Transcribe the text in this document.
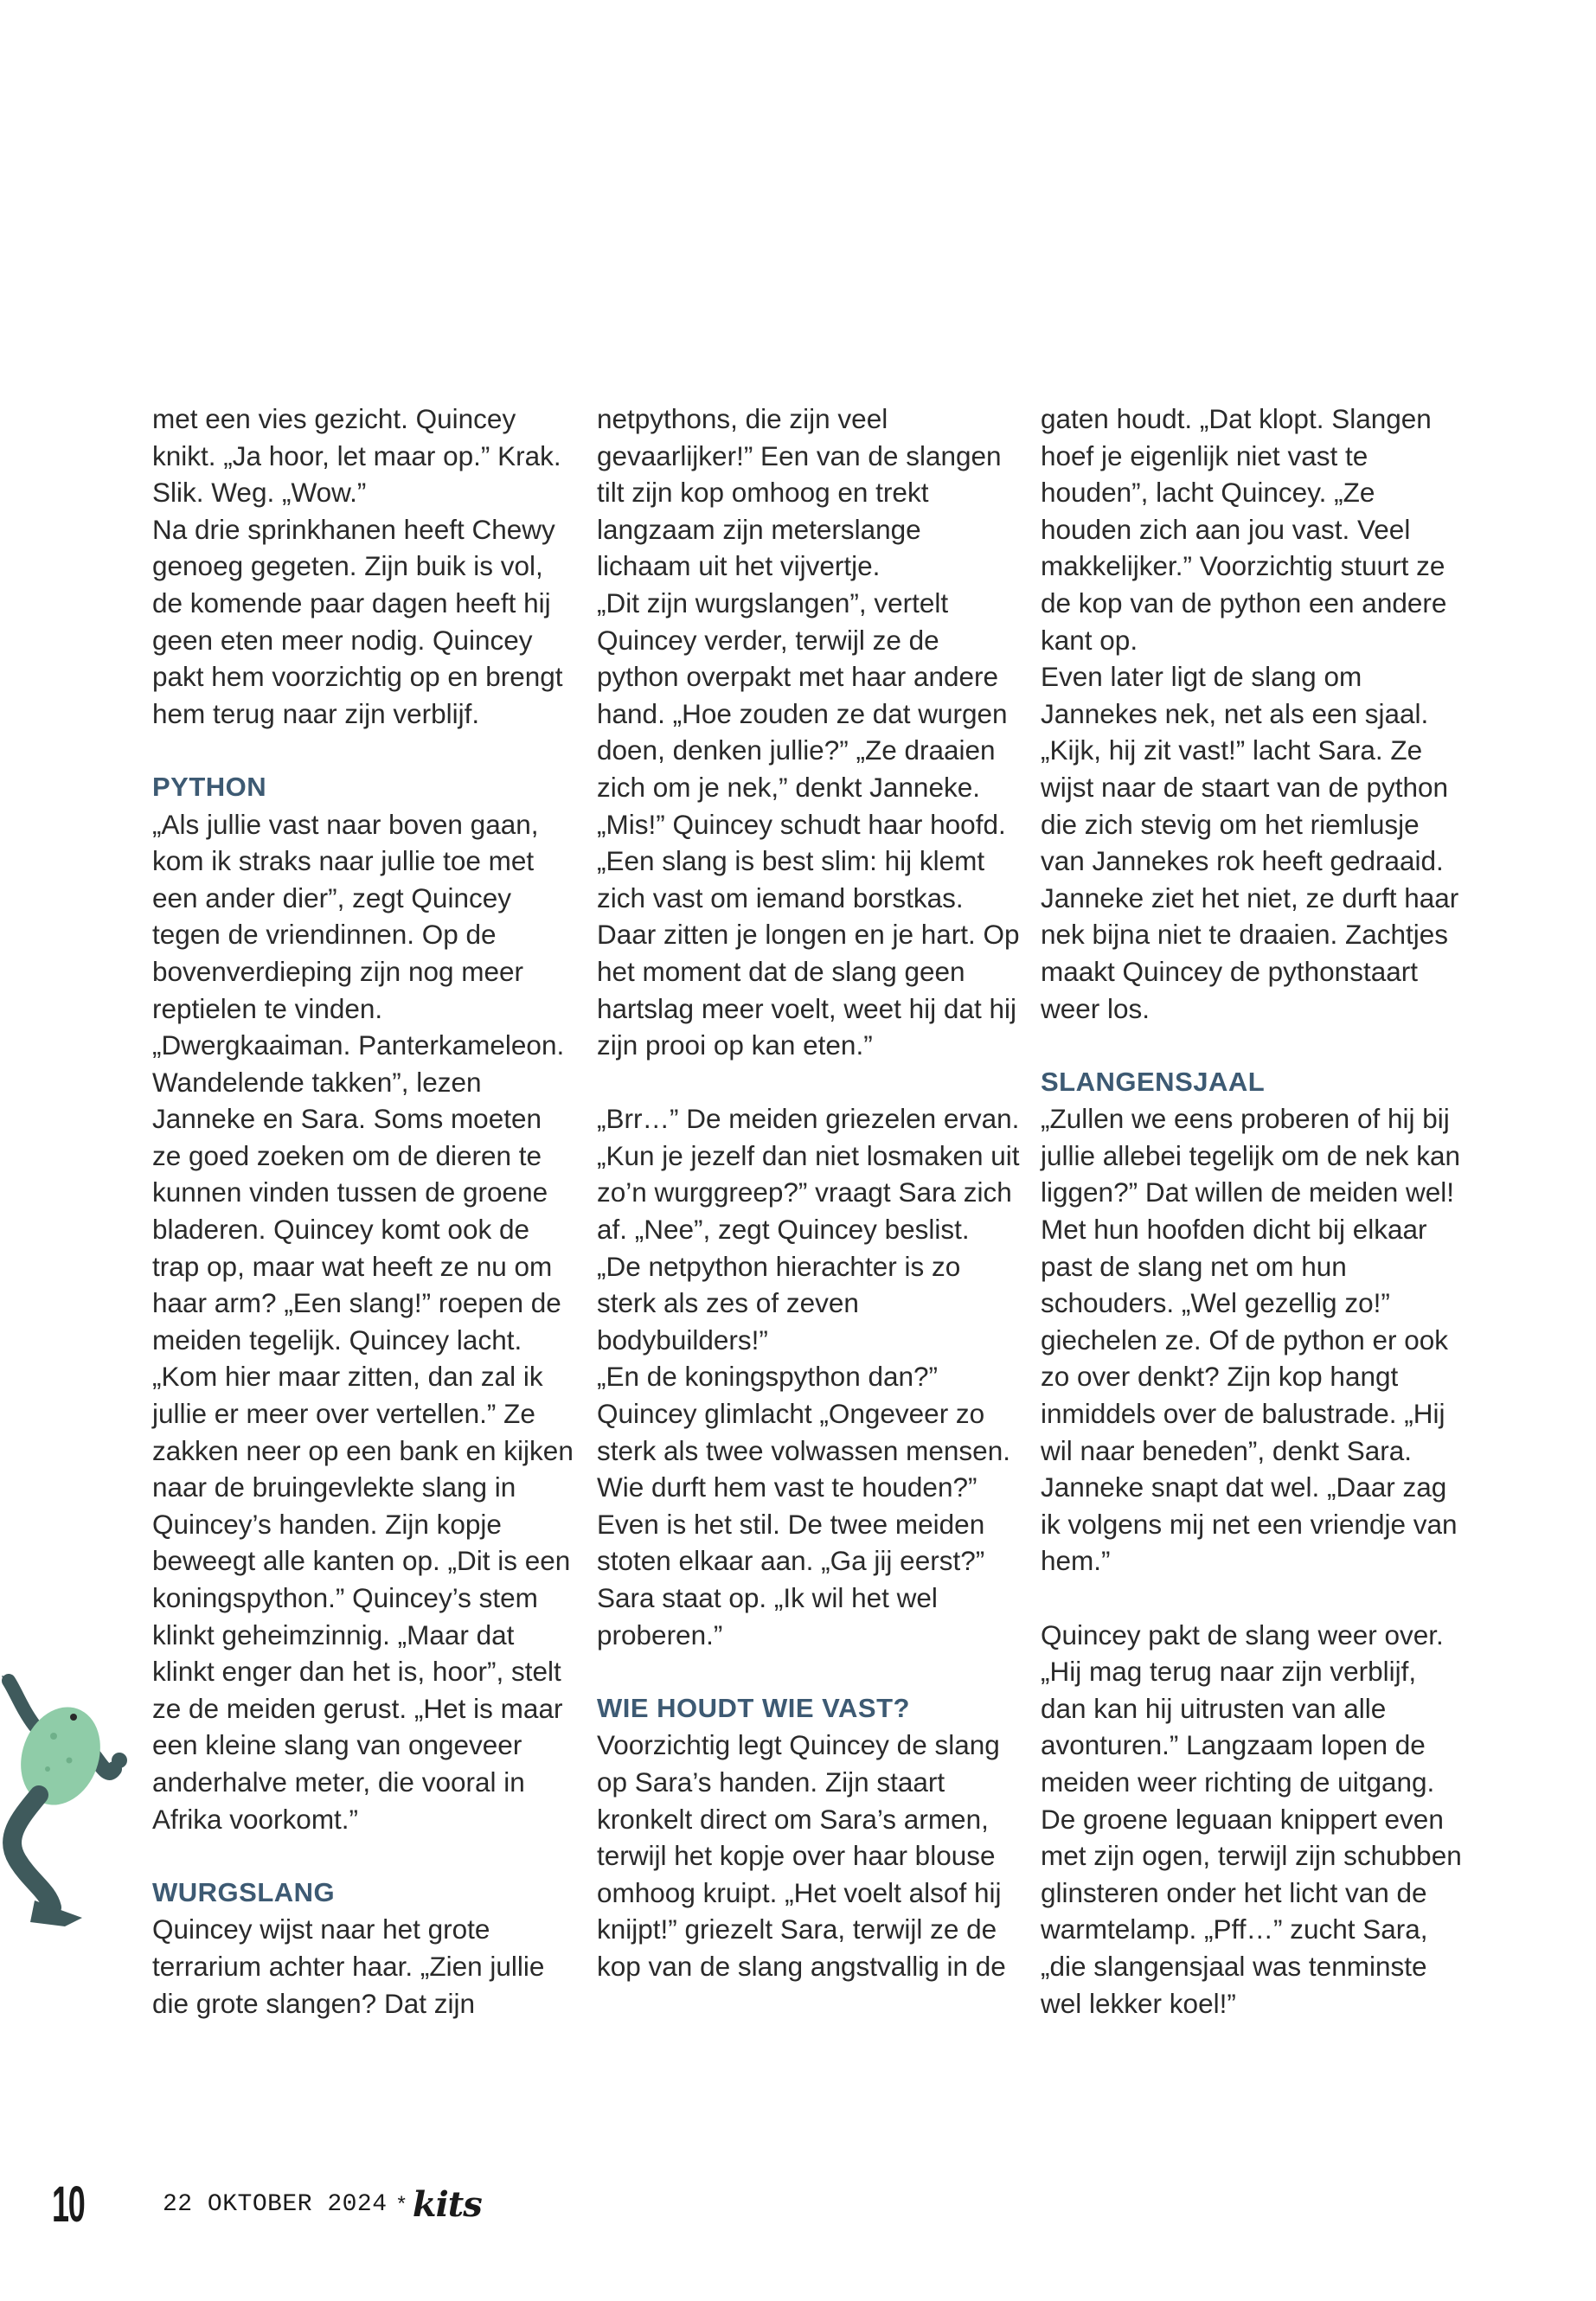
met een vies gezicht. Quincey knikt. „Ja hoor, let maar op.” Krak. Slik. Weg. „Wow.”

Na drie sprinkhanen heeft Chewy genoeg gegeten. Zijn buik is vol, de komende paar dagen heeft hij geen eten meer nodig. Quincey pakt hem voorzichtig op en brengt hem terug naar zijn verblijf.

PYTHON

„Als jullie vast naar boven gaan, kom ik straks naar jullie toe met een ander dier”, zegt Quincey tegen de vriendinnen. Op de bovenverdieping zijn nog meer reptielen te vinden. „Dwergkaaiman. Panterkameleon. Wandelende takken”, lezen Janneke en Sara. Soms moeten ze goed zoeken om de dieren te kunnen vinden tussen de groene bladeren. Quincey komt ook de trap op, maar wat heeft ze nu om haar arm? „Een slang!” roepen de meiden tegelijk. Quincey lacht. „Kom hier maar zitten, dan zal ik jullie er meer over vertellen.” Ze zakken neer op een bank en kijken naar de bruingevlekte slang in Quincey’s handen. Zijn kopje beweegt alle kanten op. „Dit is een koningspython.” Quincey’s stem klinkt geheimzinnig. „Maar dat klinkt enger dan het is, hoor”, stelt ze de meiden gerust. „Het is maar een kleine slang van ongeveer anderhalve meter, die vooral in Afrika voorkomt.”

WURGSLANG

Quincey wijst naar het grote terrarium achter haar. „Zien jullie die grote slangen? Dat zijn

netpythons, die zijn veel gevaarlijker!” Een van de slangen tilt zijn kop omhoog en trekt langzaam zijn meterslange lichaam uit het vijvertje.

„Dit zijn wurgslangen”, vertelt Quincey verder, terwijl ze de python overpakt met haar andere hand. „Hoe zouden ze dat wurgen doen, denken jullie?” „Ze draaien zich om je nek,” denkt Janneke. „Mis!” Quincey schudt haar hoofd. „Een slang is best slim: hij klemt zich vast om iemand borstkas. Daar zitten je longen en je hart. Op het moment dat de slang geen hartslag meer voelt, weet hij dat hij zijn prooi op kan eten.”

„Brr…” De meiden griezelen ervan. „Kun je jezelf dan niet losmaken uit zo’n wurggreep?” vraagt Sara zich af. „Nee”, zegt Quincey beslist. „De netpython hierachter is zo sterk als zes of zeven bodybuilders!”

„En de koningspython dan?” Quincey glimlacht „Ongeveer zo sterk als twee volwassen mensen. Wie durft hem vast te houden?” Even is het stil. De twee meiden stoten elkaar aan. „Ga jij eerst?” Sara staat op. „Ik wil het wel proberen.”

WIE HOUDT WIE VAST?

Voorzichtig legt Quincey de slang op Sara’s handen. Zijn staart kronkelt direct om Sara’s armen, terwijl het kopje over haar blouse omhoog kruipt. „Het voelt alsof hij knijpt!” griezelt Sara, terwijl ze de kop van de slang angstvallig in de

gaten houdt. „Dat klopt. Slangen hoef je eigenlijk niet vast te houden”, lacht Quincey. „Ze houden zich aan jou vast. Veel makkelijker.” Voorzichtig stuurt ze de kop van de python een andere kant op.

Even later ligt de slang om Jannekes nek, net als een sjaal. „Kijk, hij zit vast!” lacht Sara. Ze wijst naar de staart van de python die zich stevig om het riemlusje van Jannekes rok heeft gedraaid. Janneke ziet het niet, ze durft haar nek bijna niet te draaien. Zachtjes maakt Quincey de pythonstaart weer los.

SLANGENSJAAL

„Zullen we eens proberen of hij bij jullie allebei tegelijk om de nek kan liggen?” Dat willen de meiden wel! Met hun hoofden dicht bij elkaar past de slang net om hun schouders. „Wel gezellig zo!” giechelen ze. Of de python er ook zo over denkt? Zijn kop hangt inmiddels over de balustrade. „Hij wil naar beneden”, denkt Sara. Janneke snapt dat wel. „Daar zag ik volgens mij net een vriendje van hem.”

Quincey pakt de slang weer over. „Hij mag terug naar zijn verblijf, dan kan hij uitrusten van alle avonturen.” Langzaam lopen de meiden weer richting de uitgang. De groene leguaan knippert even met zijn ogen, terwijl zijn schubben glinsteren onder het licht van de warmtelamp. „Pff…” zucht Sara, „die slangensjaal was tenminste wel lekker koel!”

10	22 OKTOBER 2024 * kits
